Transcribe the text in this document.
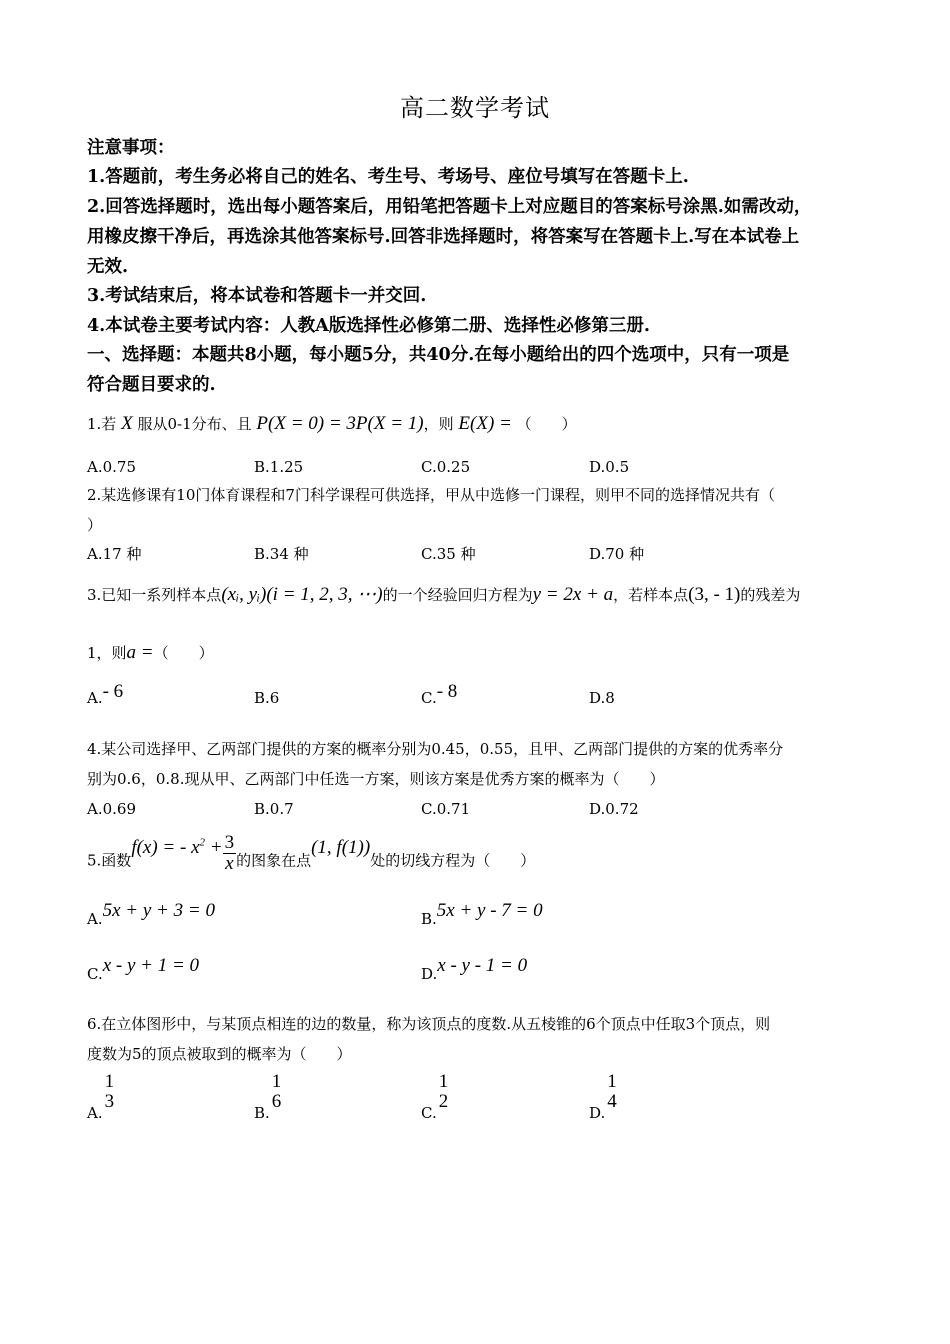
高二数学考试
注意事项：
1.答题前，考生务必将自己的姓名、考生号、考场号、座位号填写在答题卡上.
2.回答选择题时，选出每小题答案后，用铅笔把答题卡上对应题目的答案标号涂黑.如需改动，
用橡皮擦干净后，再选涂其他答案标号.回答非选择题时，将答案写在答题卡上.写在本试卷上
无效.
3.考试结束后，将本试卷和答题卡一并交回.
4.本试卷主要考试内容：人教A版选择性必修第二册、选择性必修第三册.
一、选择题：本题共8小题，每小题5分，共40分.在每小题给出的四个选项中，只有一项是
符合题目要求的.
1.若 X 服从0-1分布、且 P(X = 0) = 3P(X = 1)，则 E(X) = （　　）
A.0.75	B.1.25	C.0.25	D.0.5
2.某选修课有10门体育课程和7门科学课程可供选择，甲从中选修一门课程，则甲不同的选择情况共有（
）
A.17 种	B.34 种	C.35 种	D.70 种
3.已知一系列样本点(xᵢ, yᵢ)(i = 1, 2, 3, ⋯)的一个经验回归方程为y = 2x + a，若样本点(3, - 1)的残差为
1，则a =（　　）
A.- 6	B.6	C.- 8	D.8
4.某公司选择甲、乙两部门提供的方案的概率分别为0.45，0.55，且甲、乙两部门提供的方案的优秀率分
别为0.6，0.8.现从甲、乙两部门中任选一方案，则该方案是优秀方案的概率为（　　）
A.0.69	B.0.7	C.0.71	D.0.72
5.函数f(x) = - $x^2 + \frac{3}{x}$ 的图象在点(1, f(1))处的切线方程为（　　）
A.5x + y + 3 = 0	B.5x + y - 7 = 0
C.x - y + 1 = 0	D.x - y - 1 = 0
6.在立体图形中，与某顶点相连的边的数量，称为该顶点的度数.从五棱锥的6个顶点中任取3个顶点，则
度数为5的顶点被取到的概率为（　　）
A.
1
3
B.
1
6
C.
1
2
D.
1
4
